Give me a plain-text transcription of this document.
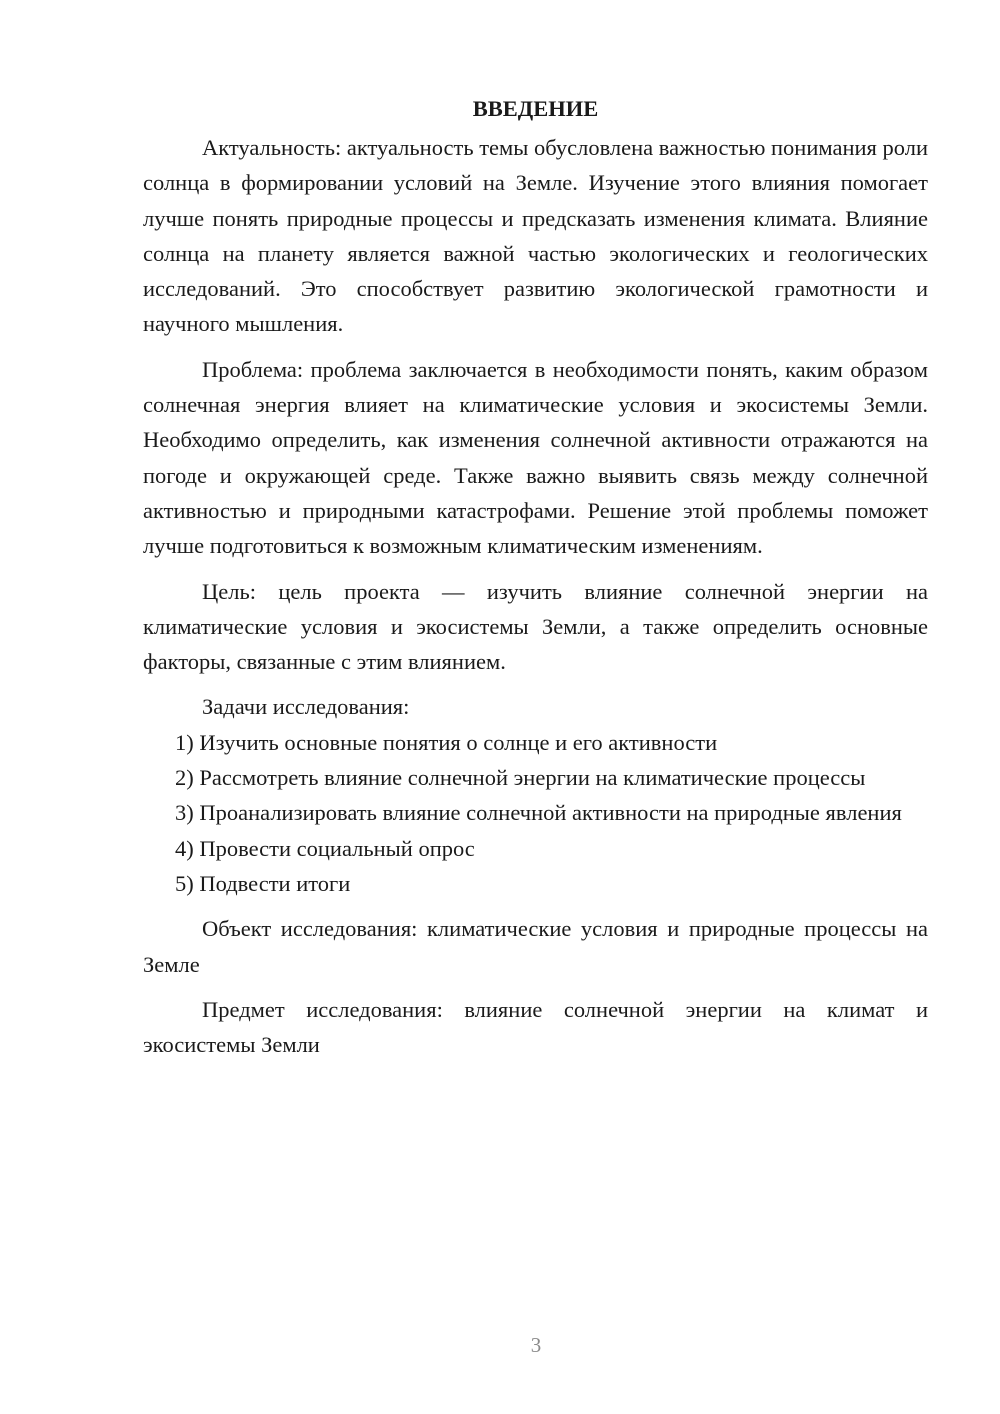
ВВЕДЕНИЕ

Актуальность: актуальность темы обусловлена важностью понимания роли солнца в формировании условий на Земле. Изучение этого влияния помогает лучше понять природные процессы и предсказать изменения климата. Влияние солнца на планету является важной частью экологических и геологических исследований. Это способствует развитию экологической грамотности и научного мышления.

Проблема: проблема заключается в необходимости понять, каким образом солнечная энергия влияет на климатические условия и экосистемы Земли. Необходимо определить, как изменения солнечной активности отражаются на погоде и окружающей среде. Также важно выявить связь между солнечной активностью и природными катастрофами. Решение этой проблемы поможет лучше подготовиться к возможным климатическим изменениям.

Цель: цель проекта — изучить влияние солнечной энергии на климатические условия и экосистемы Земли, а также определить основные факторы, связанные с этим влиянием.

Задачи исследования:

1) Изучить основные понятия о солнце и его активности

2) Рассмотреть влияние солнечной энергии на климатические процессы

3) Проанализировать влияние солнечной активности на природные явления

4) Провести социальный опрос

5) Подвести итоги

Объект исследования: климатические условия и природные процессы на Земле

Предмет исследования: влияние солнечной энергии на климат и экосистемы Земли

3
